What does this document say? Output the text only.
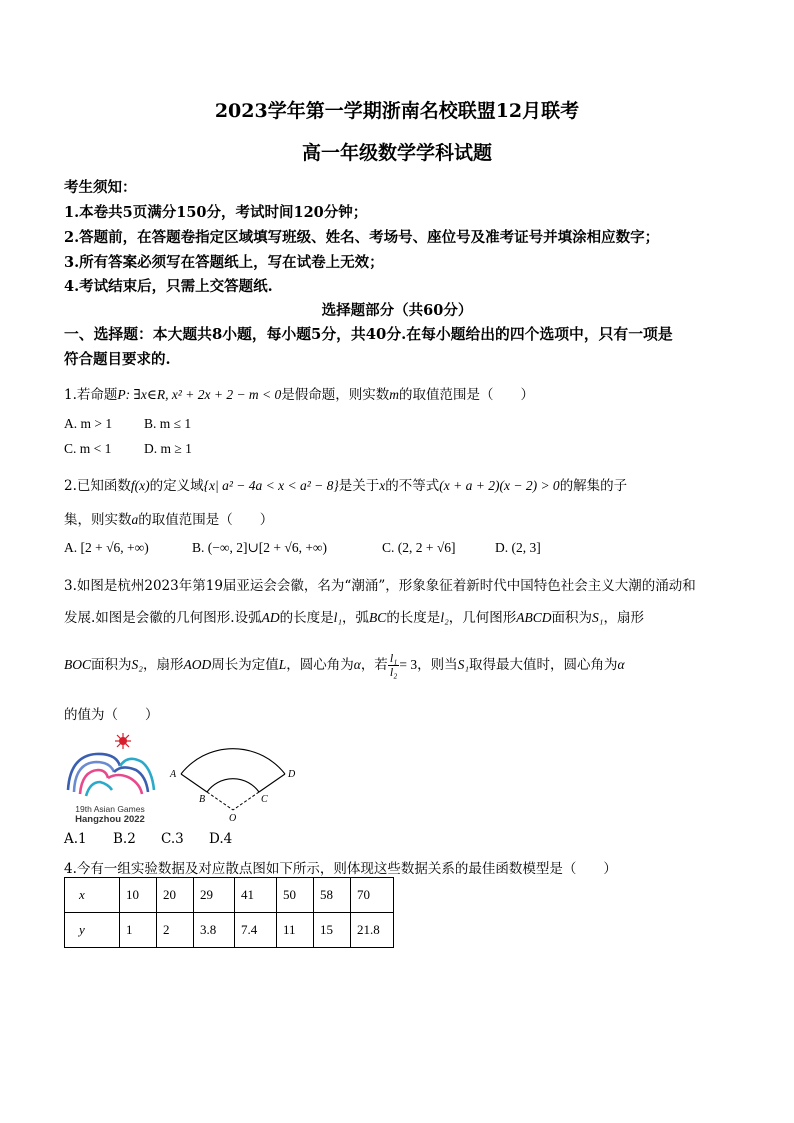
2023学年第一学期浙南名校联盟12月联考
高一年级数学学科试题
考生须知：
1.本卷共5页满分150分，考试时间120分钟；
2.答题前，在答题卷指定区域填写班级、姓名、考场号、座位号及准考证号并填涂相应数字；
3.所有答案必须写在答题纸上，写在试卷上无效；
4.考试结束后，只需上交答题纸.
选择题部分（共60分）
一、选择题：本大题共8小题，每小题5分，共40分.在每小题给出的四个选项中，只有一项是
符合题目要求的.
1.若命题P: ∃x∈R, x² + 2x + 2 − m < 0是假命题，则实数m的取值范围是（　　）
A. m > 1 B. m ≤ 1
C. m < 1 D. m ≥ 1
2.已知函数f(x)的定义域{x| a² − 4a < x < a² − 8}是关于x的不等式(x + a + 2)(x − 2) > 0的解集的子
集，则实数a的取值范围是（　　）
A. [2 + √6, +∞)	B. (−∞, 2]∪[2 + √6, +∞)	C. (2, 2 + √6]	D. (2, 3]
3.如图是杭州2023年第19届亚运会会徽，名为“潮涌”，形象象征着新时代中国特色社会主义大潮的涌动和
发展.如图是会徽的几何图形.设弧AD的长度是l₁，弧BC的长度是l₂，几何图形ABCD面积为S₁，扇形
BOC面积为S₂，扇形AOD周长为定值L，圆心角为α，若 $\frac{\text{l₁}}{\text{l₂}} = 3$，则当S₁取得最大值时，圆心角为α
的值为（　　）
19th Asian Games
Hangzhou 2022
A
B	C
D
O
A.1 B.2 C.3 D.4
4.今有一组实验数据及对应散点图如下所示，则体现这些数据关系的最佳函数模型是（　　）
x	10	20	29	41	50	58	70
y	1	2	3.8	7.4	11	15	21.8
